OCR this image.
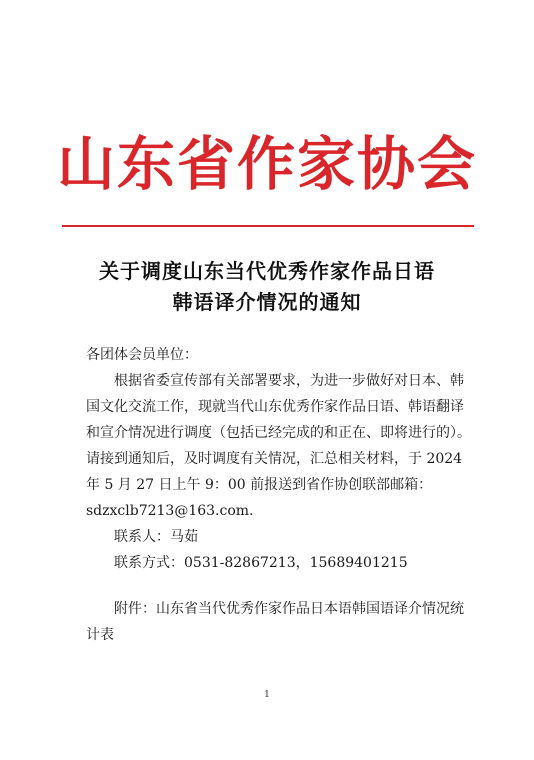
山东省作家协会
关于调度山东当代优秀作家作品日语
韩语译介情况的通知

各团体会员单位：

根据省委宣传部有关部署要求，为进一步做好对日本、韩

国文化交流工作，现就当代山东优秀作家作品日语、韩语翻译

和宣介情况进行调度（包括已经完成的和正在、即将进行的）。

请接到通知后，及时调度有关情况，汇总相关材料，于 2024

年 5 月 27 日上午 9：00 前报送到省作协创联部邮箱：

sdzxclb7213@163.com.

联系人：马茹

联系方式：0531-82867213，15689401215

附件：山东省当代优秀作家作品日本语韩国语译介情况统

计表

1
